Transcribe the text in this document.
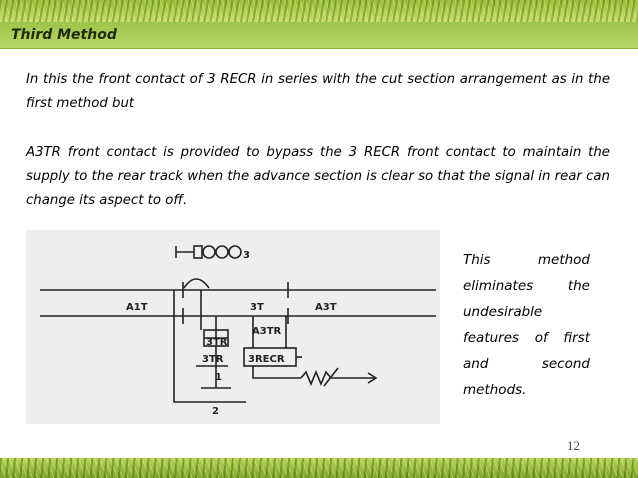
Third Method

In this the front contact of 3 RECR in series with the cut section arrangement as in the first method but

A3TR front contact is provided to bypass the 3 RECR front contact to maintain the supply to the rear track when the advance section is clear so that the signal in rear can change its aspect to off.

3
A1T	3T	A3T
A3TR
3TR
3TR 3RECR
1
2

This method eliminates the undesirable features of first and second methods.

12
